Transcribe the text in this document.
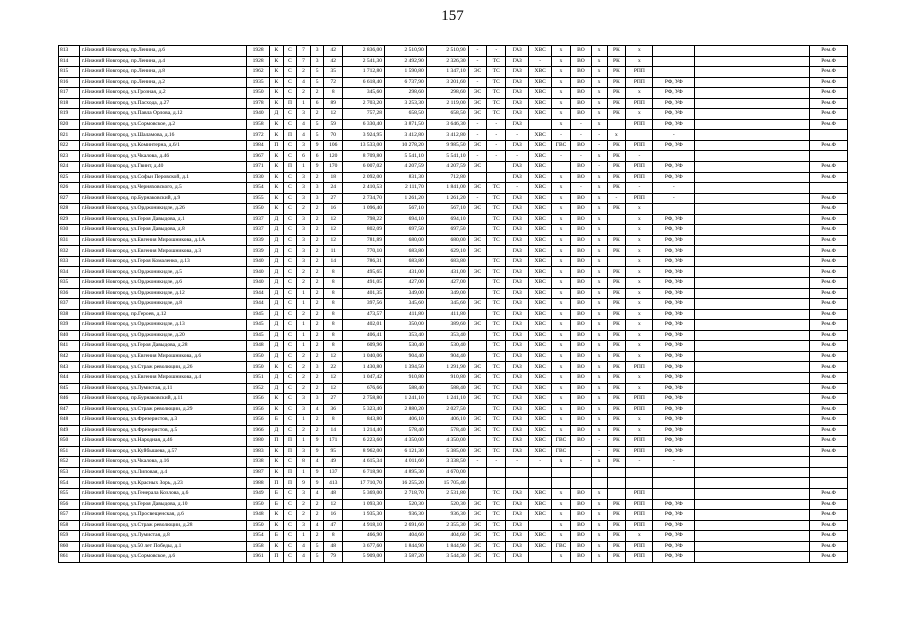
157
813	г.Нижний Новгород, пр.Ленина, д.6	1928	К	С	7	3	42	2 836,00	2 510,90	2 510,90	-	-	ГАЗ	ХВС	х	ВО	х	РК	х			Рем.Ф
814	г.Нижний Новгород, пр.Ленина, д.4	1928	К	С	7	3	42	2 541,30	2 492,90	2 326,30	-	ТС	ГАЗ	-	х	ВО	х	РК	х			Рем.Ф
815	г.Нижний Новгород, пр.Ленина, д.8	1962	К	С	2	5	35	1 712,80	1 590,80	1 347,10	ЭС	ТС	ГАЗ	ХВС	х	ВО	х	РК	РПП			Рем.Ф
816	г.Нижний Новгород, пр.Ленина, д.2	1935	К	С	4	5	72	6 618,40	6 737,90	3 201,60	-	ТС	ГАЗ	ХВС	х	ВО	х	РК	РПП	РФ, УФ		Рем.Ф
817	г.Нижний Новгород, ул.Грозная, д.2	1950	К	С	2	2	8	345,60	298,60	298,60	ЭС	ТС	ГАЗ	ХВС	х	ВО	х	РК	х	РФ, УФ		Рем.Ф
818	г.Нижний Новгород, ул.Пасхода, д.27	1978	К	П	1	6	89	2 703,20	3 253,30	2 119,00	ЭС	ТС	ГАЗ	ХВС	х	ВО	х	РК	РПП	РФ, УФ		Рем.Ф
819	г.Нижний Новгород, ул.Павла Орлова, д.12	1940	Д	С	3	2	12	757,28	658,50	658,50	ЭС	ТС	ГАЗ	ХВС	х	ВО	х	РК	х	РФ, УФ		Рем.Ф
820	г.Нижний Новгород, ул.Сормовское, д.2	1958	К	С	4	5	59	6 330,40	3 871,50	3 646,30	-	-	ГАЗ		х	-	х		РПП	РФ, УФ		Рем.Ф
821	г.Нижний Новгород, ул.Шаламова, д.16	1972	К	П	4	5	70	3 924,95	3 412,80	3 412,80	-	-	-	ХВС	-	-	-	х		-		
822	г.Нижний Новгород, ул.Коминтерна, д.6/1	1984	П	С	3	9	106	13 533,00	10 278,20	9 985,50	ЭС	-	ГАЗ	ХВС	ГВС	ВО	-	РК	РПП	РФ, УФ		Рем.Ф
823	г.Нижний Новгород, ул.Чкалова, д.46	1967	К	С	6	6	120	8 709,80	5 541,10	5 541,10	-	-	-	ХВС	-	-	х	РК	-			
824	г.Нижний Новгород, ул.Гвинт, д.40	1971	К	П	1	9	170	6 007,02	4 207,59	4 207,59	ЭС		ГАЗ	ХВС		ВО	-	РК	РПП	РФ, УФ		Рем.Ф
825	г.Нижний Новгород, ул.Софьи Перовской, д.1	1930	К	С	3	2	18	2 092,00	831,30	712,80			ГАЗ	ХВС	х	ВО	х	РК	РПП	РФ, УФ		Рем.Ф
826	г.Нижний Новгород, ул.Черняховского, д.5	1954	К	С	3	3	24	2 410,53	2 111,70	1 841,00	ЭС	ТС	-	ХВС	х	-	х	РК	-	-		
827	г.Нижний Новгород, пр.Бурнаковский, д.9	1955	К	С	3	3	27	2 734,70	1 261,20	1 261,20	-	ТС	ГАЗ	ХВС	х	ВО	х	-	РПП	-		Рем.Ф
828	г.Нижний Новгород, ул.Орджоникидзе, д.26	1950	К	С	2	2	16	1 096,40	567,10	567,10	ЭС	ТС	ГАЗ	ХВС	х	ВО	х	РК	х			Рем.Ф
829	г.Нижний Новгород, ул.Героя Давыдова, д.1	1937	Д	С	3	2	12	798,22	694,10	694,10		ТС	ГАЗ	ХВС	х	ВО	х		х	РФ, УФ		Рем.Ф
830	г.Нижний Новгород, ул.Героя Давыдова, д.8	1937	Д	С	3	2	12	802,09	697,50	697,50		ТС	ГАЗ	ХВС	х	ВО	х		х	РФ, УФ		Рем.Ф
831	г.Нижний Новгород, ул.Евгения Мирошникова, д.1А	1939	Д	С	3	2	12	781,89	680,00	680,00	ЭС	ТС	ГАЗ	ХВС	х	ВО	х	РК	х	РФ, УФ		Рем.Ф
832	г.Нижний Новгород, ул.Евгения Мирошникова, д.3	1939	Д	С	3	2	11	770,10	683,80	629,10	ЭС		ГАЗ	ХВС	х	ВО	х	РК	х	РФ, УФ		Рем.Ф
833	г.Нижний Новгород, ул.Героя Комаленко, д.13	1940	Д	С	3	2	14	786,31	683,80	683,80		ТС	ГАЗ	ХВС	х	ВО	х		х	РФ, УФ		Рем.Ф
834	г.Нижний Новгород, ул.Орджоникидзе, д.5	1940	Д	С	2	2	8	495,65	431,00	431,00	ЭС	ТС	ГАЗ	ХВС	х	ВО	х	РК	х	РФ, УФ		Рем.Ф
835	г.Нижний Новгород, ул.Орджоникидзе, д.6	1940	Д	С	2	2	8	491,05	427,00	427,00		ТС	ГАЗ	ХВС	х	ВО	х	РК	х	РФ, УФ		Рем.Ф
836	г.Нижний Новгород, ул.Орджоникидзе, д.12	1944	Д	С	1	2	8	401,35	349,00	349,00		ТС	ГАЗ	ХВС	х	ВО	х	РК	х	РФ, УФ		Рем.Ф
837	г.Нижний Новгород, ул.Орджоникидзе, д.8	1944	Д	С	1	2	8	397,56	345,60	345,60	ЭС	ТС	ГАЗ	ХВС	х	ВО	х	РК	х	РФ, УФ		Рем.Ф
838	г.Нижний Новгород, пр.Героев, д.12	1945	Д	С	2	2	8	473,57	411,80	411,80		ТС	ГАЗ	ХВС	х	ВО	х	РК	х	РФ, УФ		Рем.Ф
839	г.Нижний Новгород, ул.Орджоникидзе, д.13	1945	Д	С	1	2	8	402,01	350,00	389,60	ЭС	ТС	ГАЗ	ХВС	х	ВО	х	РК	х	РФ, УФ		Рем.Ф
840	г.Нижний Новгород, ул.Орджоникидзе, д.20	1945	Д	С	1	2	8	406,41	353,40	353,40		ТС	ГАЗ	ХВС	х	ВО	х	РК	х	РФ, УФ		Рем.Ф
841	г.Нижний Новгород, ул.Героя Давыдова, д.28	1948	Д	С	1	2	8	609,96	530,40	530,40		ТС	ГАЗ	ХВС	х	ВО	х	РК	х	РФ, УФ		Рем.Ф
842	г.Нижний Новгород, ул.Евгения Мирошникова, д.6	1950	Д	С	2	2	12	1 040,06	904,40	904,40		ТС	ГАЗ	ХВС	х	ВО	х	РК	х	РФ, УФ		Рем.Ф
843	г.Нижний Новгород, ул.Страж революции, д.26	1950	К	С	2	3	22	1 430,80	1 394,50	1 291,90	ЭС	ТС	ГАЗ	ХВС	х	ВО	х	РК	РПП	РФ, УФ		Рем.Ф
844	г.Нижний Новгород, ул.Евгения Мирошникова, д.4	1951	Д	С	2	2	12	1 047,42	910,80	910,80	ЭС	ТС	ГАЗ	ХВС	х	ВО	х	РК	х	РФ, УФ		Рем.Ф
845	г.Нижний Новгород, ул.Лумистая, д.11	1952	Д	С	2	2	12	676,66	588,40	588,40	ЭС	ТС	ГАЗ	ХВС	х	ВО	х	РК	х	РФ, УФ		Рем.Ф
846	г.Нижний Новгород, пр.Бурнаковский, д.11	1956	К	С	3	3	27	2 758,80	1 241,10	1 241,10	ЭС	ТС	ГАЗ	ХВС	х	ВО	х	РК	РПП	РФ, УФ		Рем.Ф
847	г.Нижний Новгород, ул.Страж революции, д.29	1956	К	С	3	4	36	5 323,40	2 880,20	2 027,50		ТС	ГАЗ	ХВС	х	ВО	х	РК	РПП	РФ, УФ		Рем.Ф
848	г.Нижний Новгород, ул.Фрезеристов, д.3	1956	Б	С	1	2	8	843,80	406,10	406,10	ЭС	ТС	ГАЗ	ХВС	х	ВО	х	РК	х	РФ, УФ		Рем.Ф
849	г.Нижний Новгород, ул.Фрезеристов, д.5	1966	Д	С	2	2	14	1 214,40	578,40	578,40	ЭС	ТС	ГАЗ	ХВС	х	ВО	х	РК	х	РФ, УФ		Рем.Ф
850	г.Нижний Новгород, ул.Народная, д.46	1980	П	П	1	9	171	6 223,60	4 350,00	4 350,00		ТС	ГАЗ	ХВС	ГВС	ВО	-	РК	РПП	РФ, УФ		Рем.Ф
851	г.Нижний Новгород, ул.Куйбышева, д.57	1983	К	П	3	9	95	8 962,00	6 121,30	5 385,00	ЭС	ТС	ГАЗ	ХВС	ГВС		-	РК	РПП	РФ, УФ		Рем.Ф
852	г.Нижний Новгород, ул.Чкалова, д.16	1938	К	С	8	4	49	4 615,34	4 011,60	3 338,50	-	-	-	-	х	-	х	РК	-	-		
853	г.Нижний Новгород, ул.Липовая, д.4	1987	К	П	1	9	137	6 718,90	4 895,30	4 670,00												
854	г.Нижний Новгород, ул.Красных Зорь, д.23	1988	П	П	9	9	413	17 710,70	16 255,20	15 705,40												
855	г.Нижний Новгород, ул.Генерала Козлова, д.6	1949	Б	С	3	4	48	5 369,00	2 718,70	2 531,80		ТС	ГАЗ	ХВС	х	ВО	х		РПП			Рем.Ф
856	г.Нижний Новгород, ул.Героя Давыдова, д.10	1950	Б	С	2	2	12	1 093,30	520,30	520,30	ЭС	ТС	ГАЗ	ХВС	х	ВО	х	РК	РПП	РФ, УФ		Рем.Ф
857	г.Нижний Новгород, ул.Просвещенская, д.6	1948	К	С	2	2	16	1 935,30	936,30	936,30	ЭС	ТС	ГАЗ	ХВС	х	ВО	х	РК	РПП	РФ, УФ		Рем.Ф
858	г.Нижний Новгород, ул.Страж революции, д.28	1950	К	С	3	4	47	4 918,10	2 691,60	2 355,30	ЭС	ТС	ГАЗ		х	ВО	х	РК	РПП	РФ, УФ		Рем.Ф
859	г.Нижний Новгород, ул.Лумистая, д.8	1954	Б	С	1	2	8	466,90	404,60	404,60	ЭС	ТС	ГАЗ	ХВС	х	ВО	х	РК	х	РФ, УФ		Рем.Ф
860	г.Нижний Новгород, ул.50 лет Победы, д.1	1958	К	С	4	5	48	3 677,60	1 844,90	1 844,90	ЭС	ТС	ГАЗ	ХВС	ГВС	ВО	х	РК	РПП	РФ, УФ		Рем.Ф
861	г.Нижний Новгород, ул.Сормовское, д.6	1961	П	С	4	5	79	5 909,00	3 587,20	3 544,30	ЭС	ТС	ГАЗ		х	ВО	х	РК	РПП	РФ, УФ		Рем.Ф
